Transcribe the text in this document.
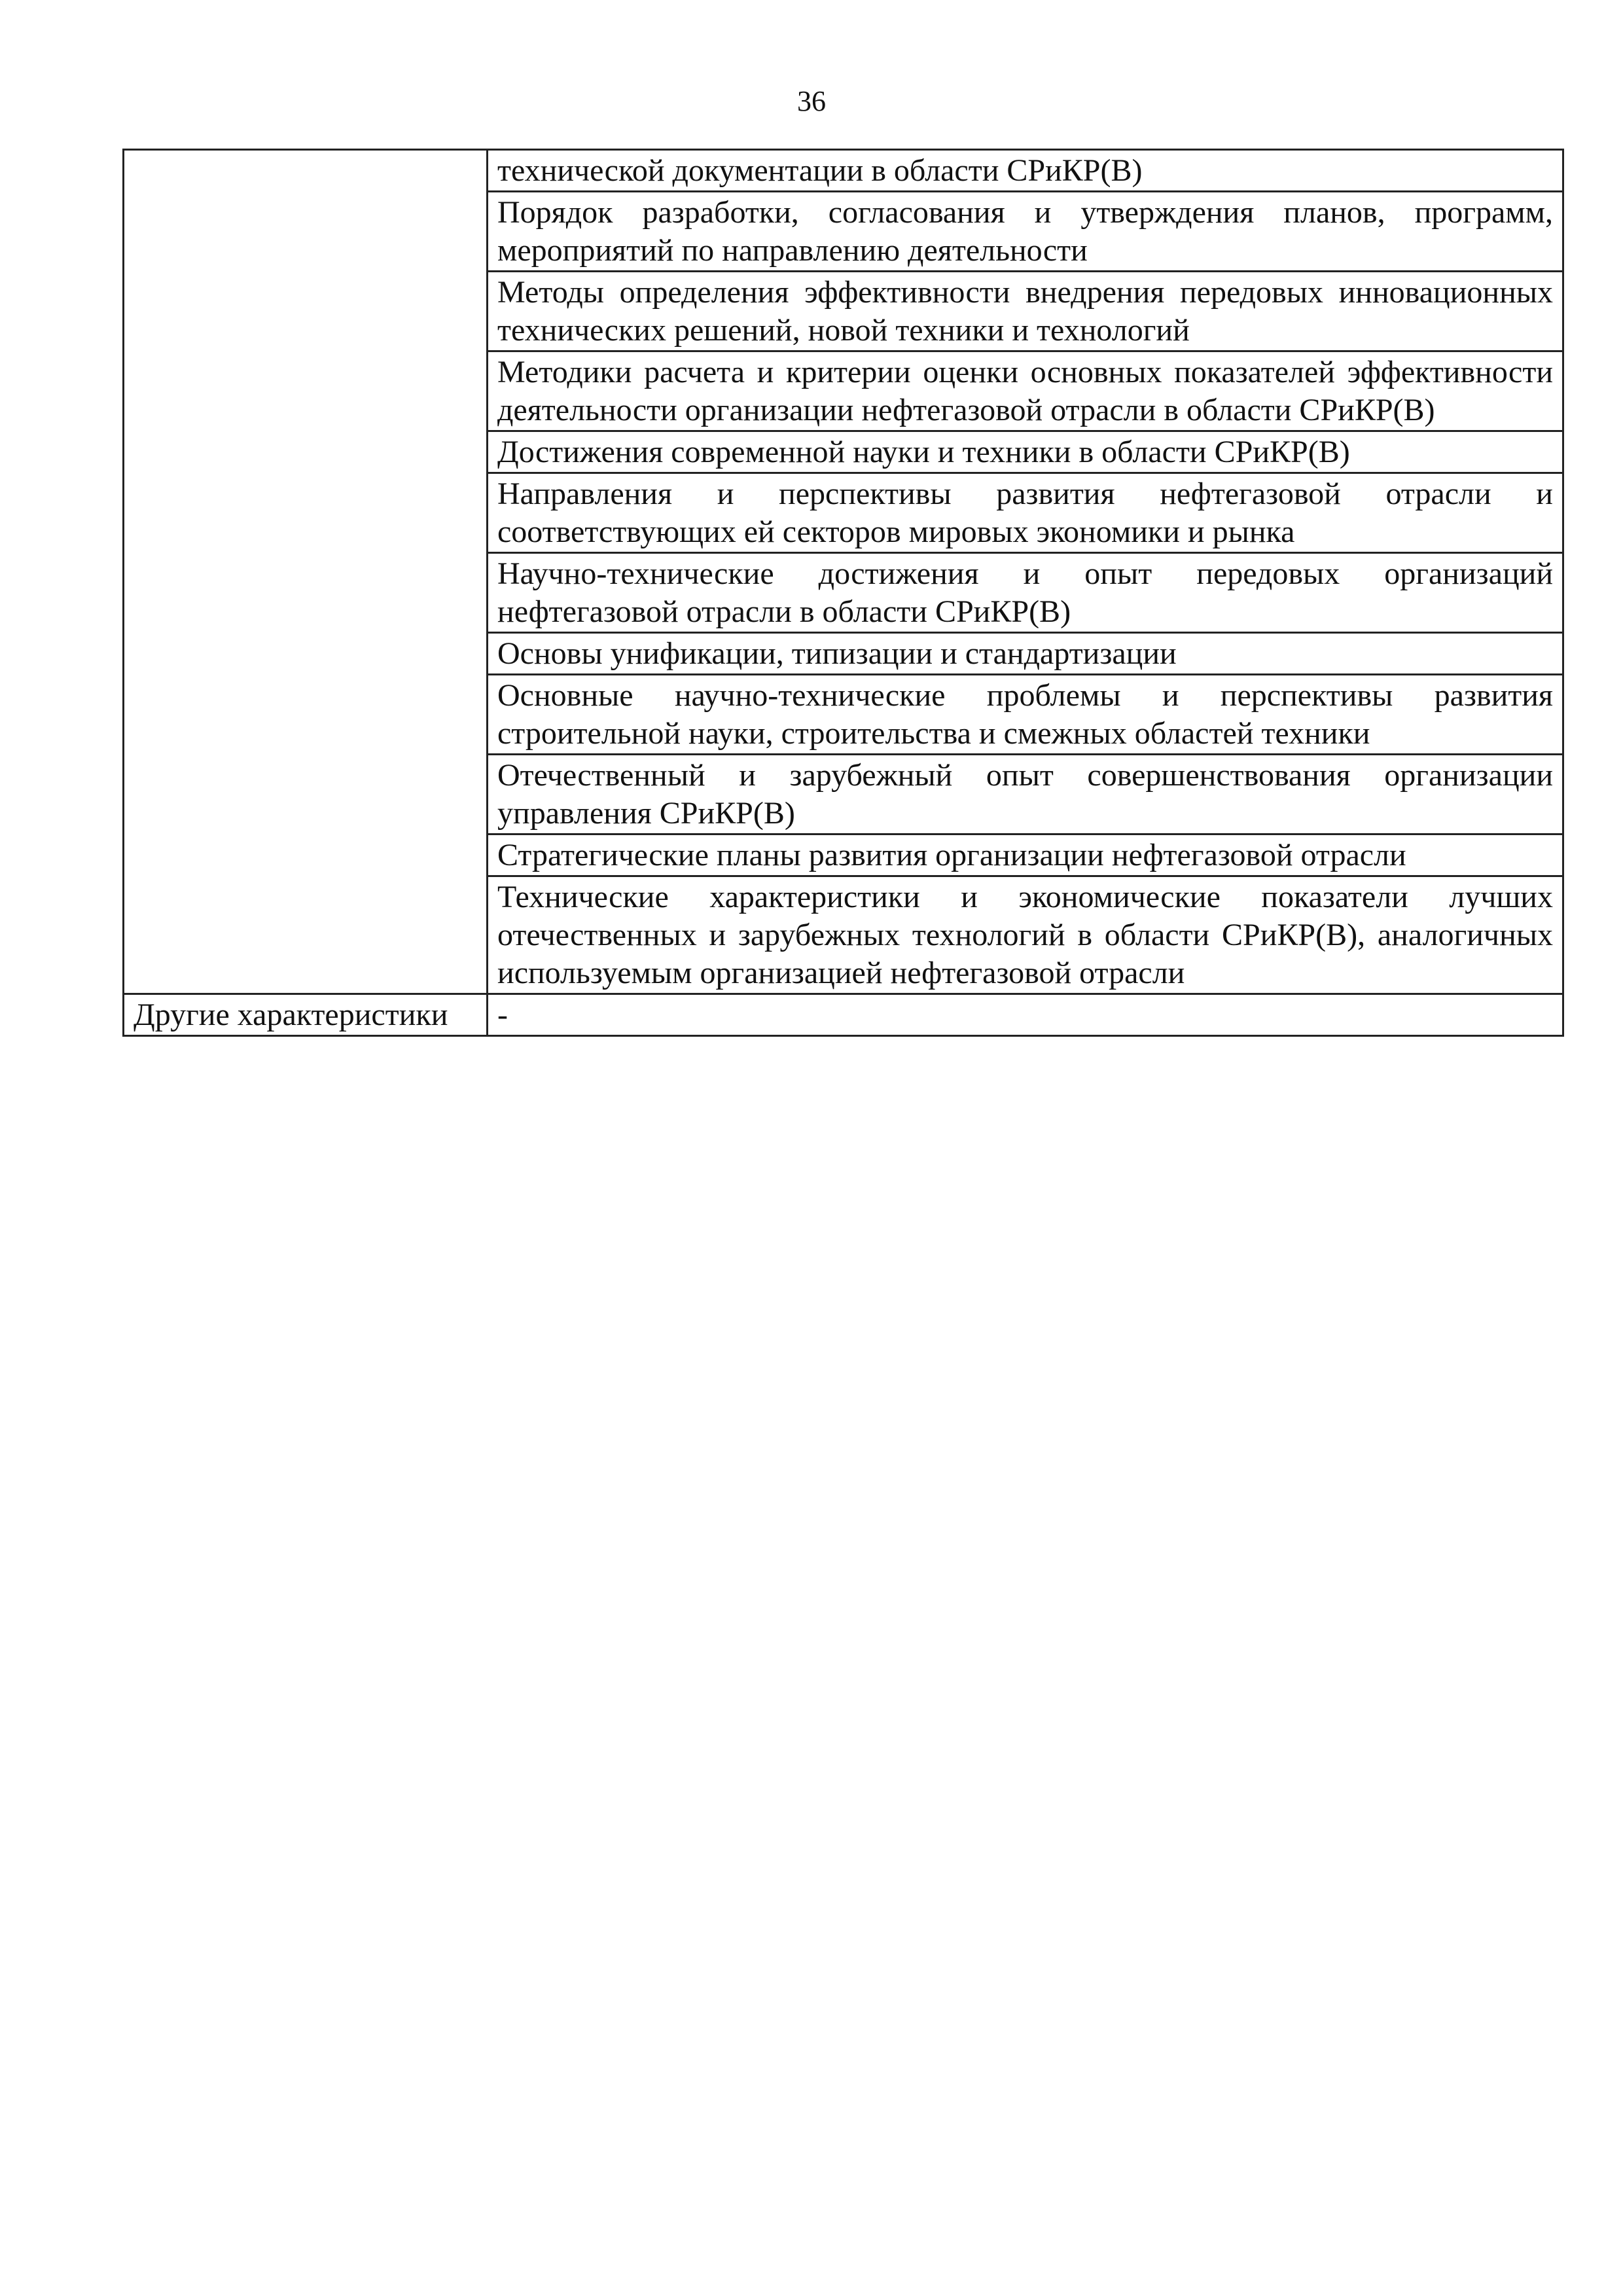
36

	технической документации в области СРиКР(В)

	Порядок разработки, согласования и утверждения планов, программ, мероприятий по направлению деятельности

	Методы определения эффективности внедрения передовых инновационных технических решений, новой техники и технологий

	Методики расчета и критерии оценки основных показателей эффективности деятельности организации нефтегазовой отрасли в области СРиКР(В)

	Достижения современной науки и техники в области СРиКР(В)

	Направления и перспективы развития нефтегазовой отрасли и соответствующих ей секторов мировых экономики и рынка

	Научно-технические достижения и опыт передовых организаций нефтегазовой отрасли в области СРиКР(В)

	Основы унификации, типизации и стандартизации

	Основные научно-технические проблемы и перспективы развития строительной науки, строительства и смежных областей техники

	Отечественный и зарубежный опыт совершенствования организации управления СРиКР(В)

	Стратегические планы развития организации нефтегазовой отрасли

	Технические характеристики и экономические показатели лучших отечественных и зарубежных технологий в области СРиКР(В), аналогичных используемым организацией нефтегазовой отрасли

Другие характеристики	-
